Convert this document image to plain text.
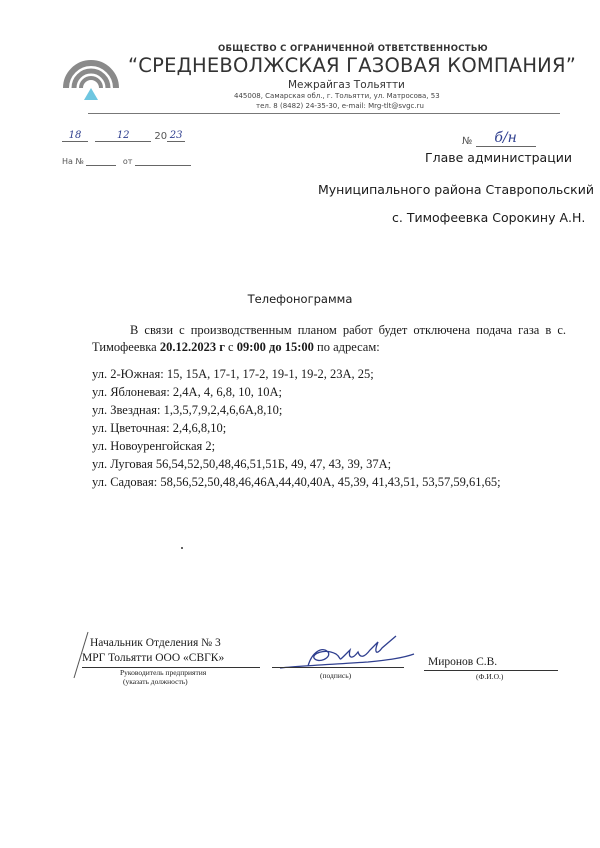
ОБЩЕСТВО С ОГРАНИЧЕННОЙ ОТВЕТСТВЕННОСТЬЮ
“СРЕДНЕВОЛЖСКАЯ ГАЗОВАЯ КОМПАНИЯ”
Межрайгаз Тольятти
445008, Самарская обл., г. Тольятти, ул. Матросова, 53
тел. 8 (8482) 24-35-30, e-mail: Mrg-tlt@svgc.ru
18	12 20 23
На №	от
№ б/н
Главе администрации
Муниципального района Ставропольский
с. Тимофеевка Сорокину А.Н.
Телефонограмма
В связи с производственным планом работ будет отключена подача газа в с. Тимофеевка 20.12.2023 г с 09:00 до 15:00 по адресам:
ул. 2-Южная: 15, 15А, 17-1, 17-2, 19-1, 19-2, 23А, 25;
ул. Яблоневая: 2,4А, 4, 6,8, 10, 10А;
ул. Звездная: 1,3,5,7,9,2,4,6,6А,8,10;
ул. Цветочная: 2,4,6,8,10;
ул. Новоуренгойская 2;
ул. Луговая 56,54,52,50,48,46,51,51Б, 49, 47, 43, 39, 37А;
ул. Садовая: 58,56,52,50,48,46,46А,44,40,40А, 45,39, 41,43,51, 53,57,59,61,65;
Начальник Отделения № 3
МРГ Тольятти ООО «СВГК»
Руководитель предприятия
(указать должность)
(подпись)
Миронов С.В.
(Ф.И.О.)
